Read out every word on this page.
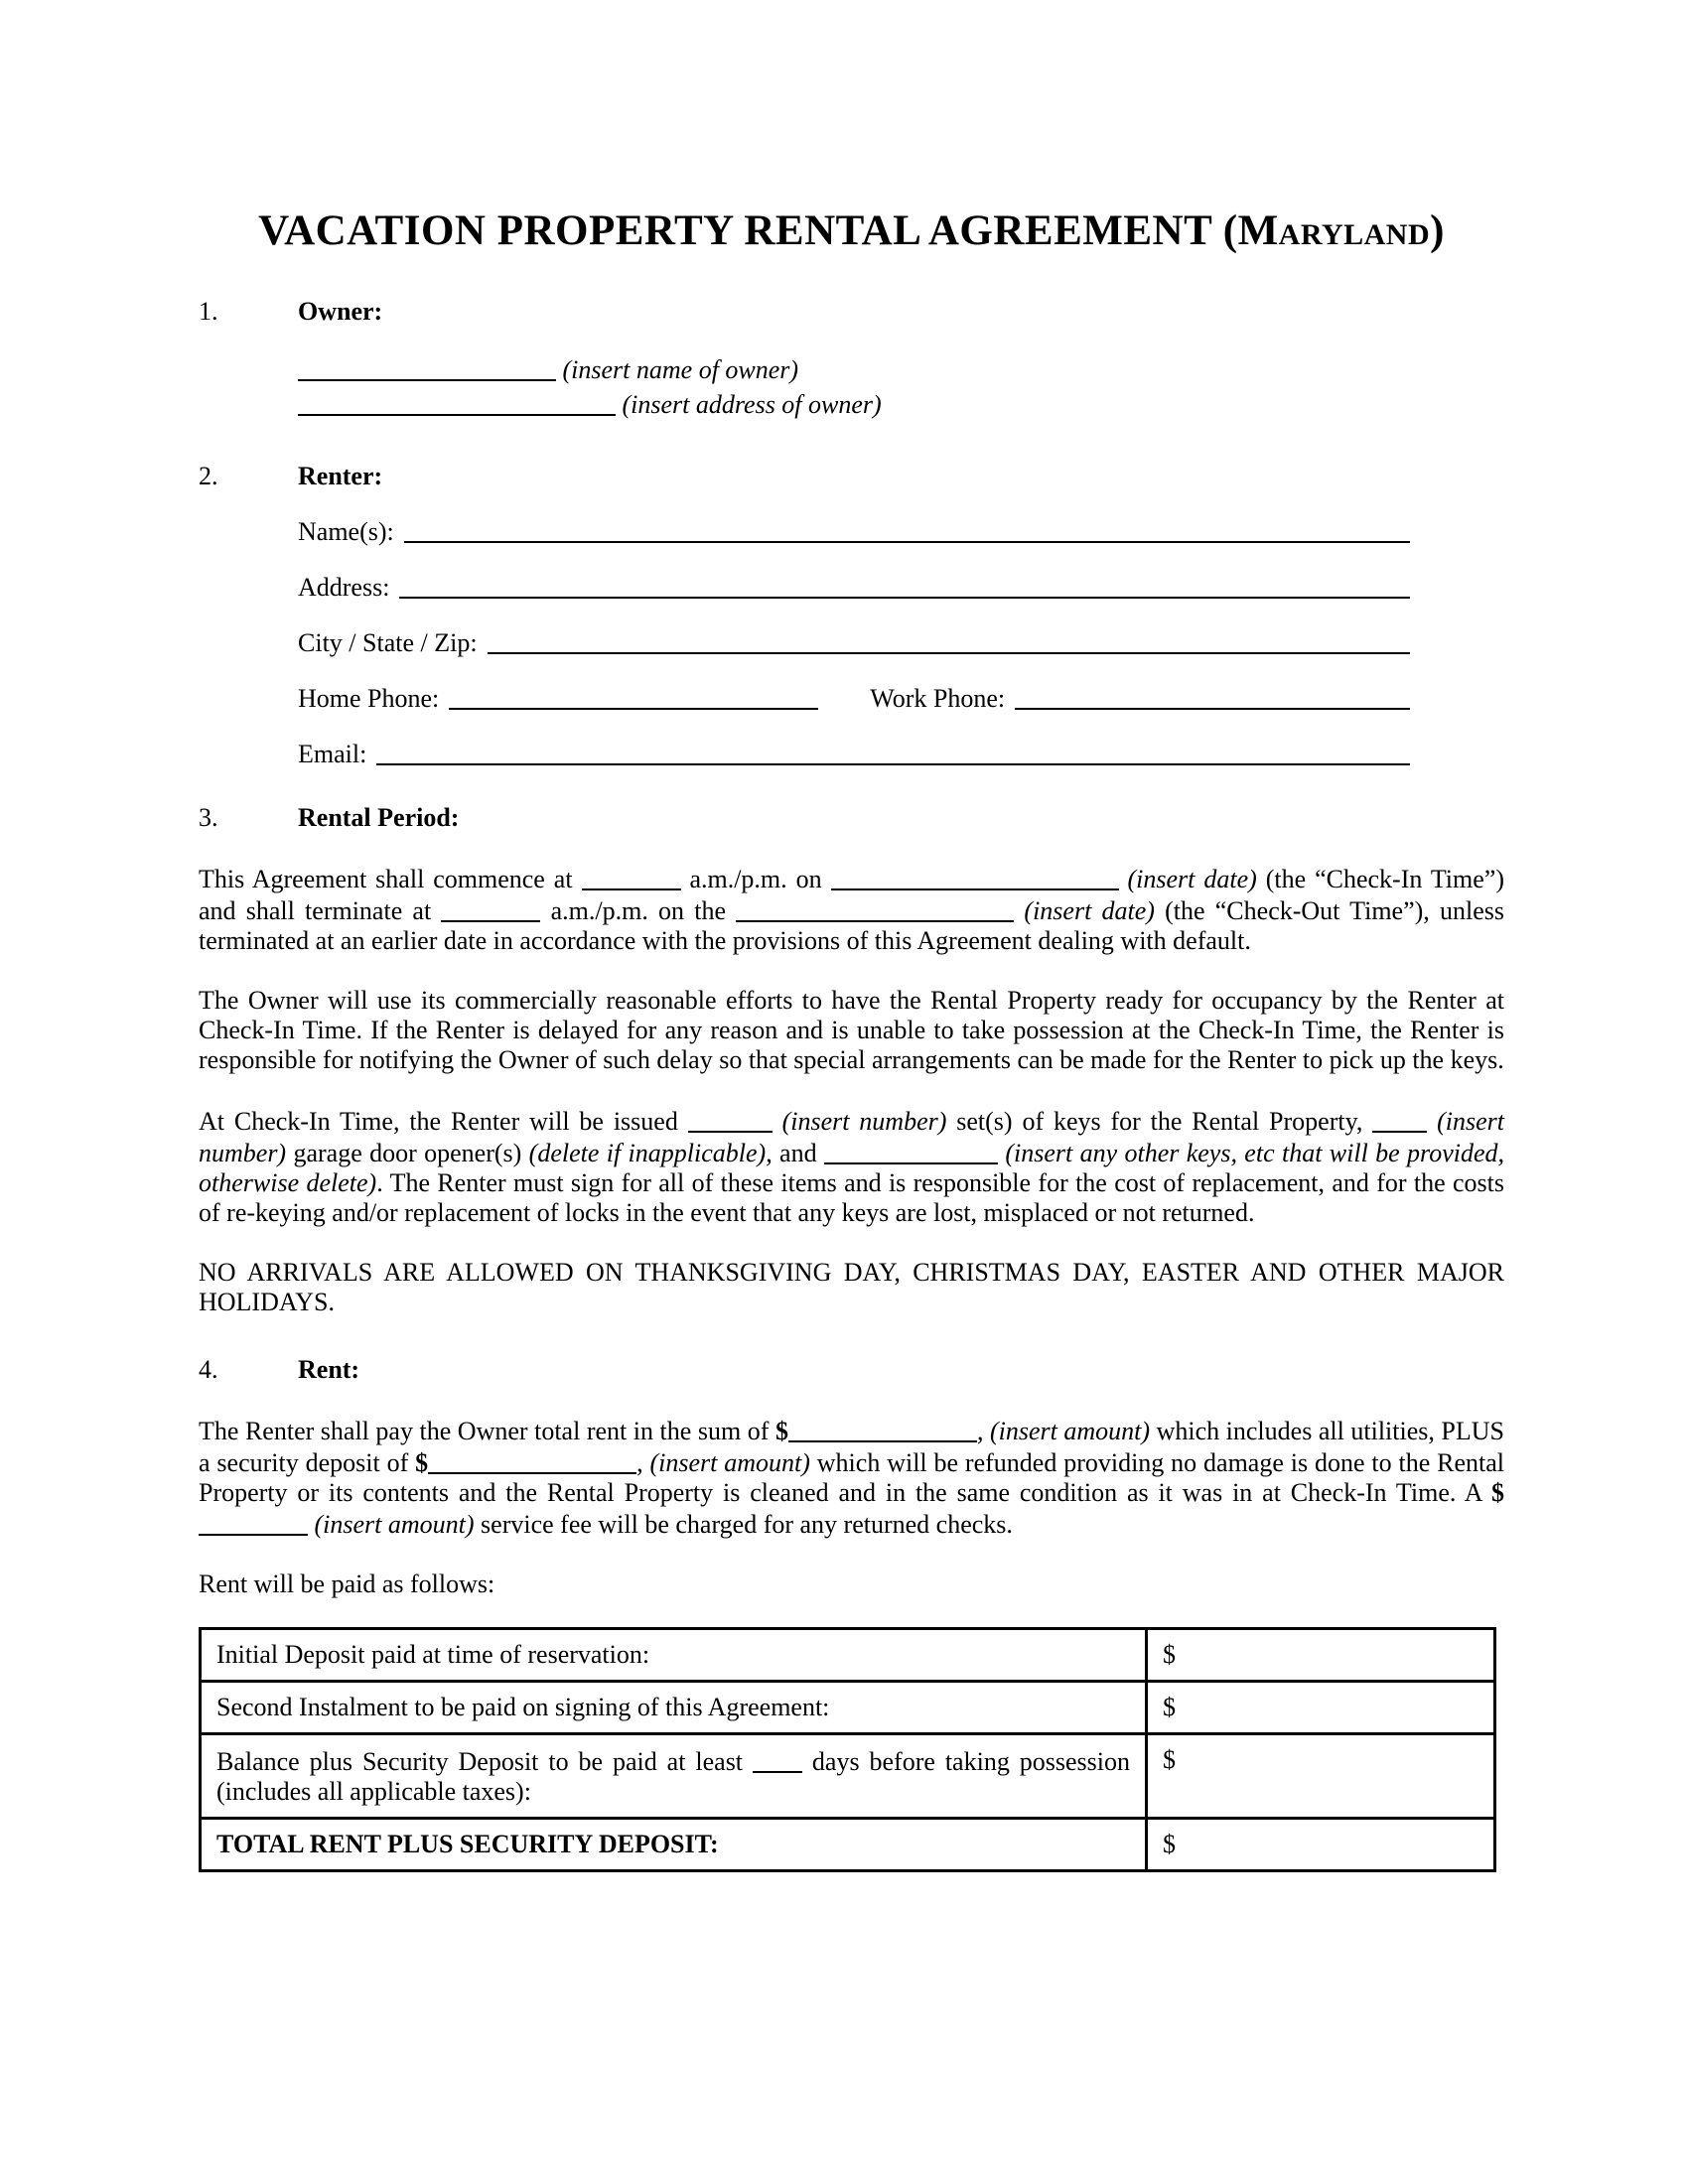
VACATION PROPERTY RENTAL AGREEMENT (Maryland)
1.	Owner:
(insert name of owner)
(insert address of owner)
2.	Renter:
Name(s):
Address:
City / State / Zip:
Home Phone:	Work Phone:
Email:
3.	Rental Period:

This Agreement shall commence at	a.m./p.m. on	(insert date) (the “Check-In Time”) and shall terminate at	a.m./p.m. on the	(insert date) (the “Check-Out Time”), unless terminated at an earlier date in accordance with the provisions of this Agreement dealing with default.

The Owner will use its commercially reasonable efforts to have the Rental Property ready for occupancy by the Renter at Check-In Time. If the Renter is delayed for any reason and is unable to take possession at the Check-In Time, the Renter is responsible for notifying the Owner of such delay so that special arrangements can be made for the Renter to pick up the keys.

At Check-In Time, the Renter will be issued	(insert number) set(s) of keys for the Rental Property,  (insert number) garage door opener(s) (delete if inapplicable), and	(insert any other keys, etc that will be provided, otherwise delete). The Renter must sign for all of these items and is responsible for the cost of replacement, and for the costs of re-keying and/or replacement of locks in the event that any keys are lost, misplaced or not returned.

NO ARRIVALS ARE ALLOWED ON THANKSGIVING DAY, CHRISTMAS DAY, EASTER AND OTHER MAJOR HOLIDAYS.

4.	Rent:

The Renter shall pay the Owner total rent in the sum of $	, (insert amount) which includes all utilities, PLUS a security deposit of $	, (insert amount) which will be refunded providing no damage is done to the Rental Property or its contents and the Rental Property is cleaned and in the same condition as it was in at Check-In Time. A $ (insert amount) service fee will be charged for any returned checks.

Rent will be paid as follows:

Initial Deposit paid at time of reservation:	$
Second Instalment to be paid on signing of this Agreement:	$
Balance plus Security Deposit to be paid at least  days before taking possession (includes all applicable taxes):	$
TOTAL RENT PLUS SECURITY DEPOSIT:	$
